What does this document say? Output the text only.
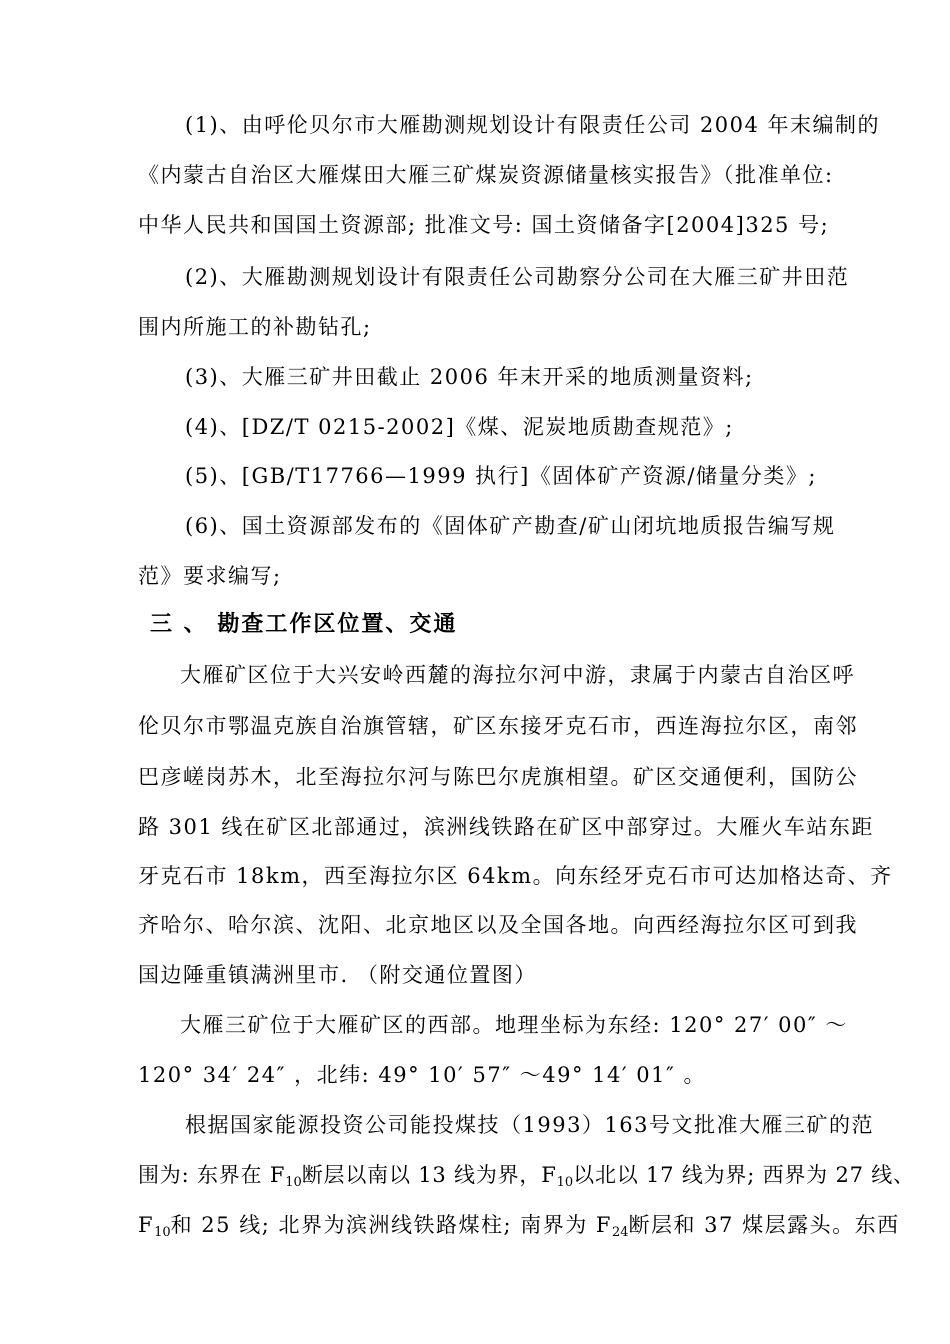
(1)、由呼伦贝尔市大雁勘测规划设计有限责任公司 2004 年末编制的
《内蒙古自治区大雁煤田大雁三矿煤炭资源储量核实报告》（批准单位:
中华人民共和国国土资源部; 批准文号: 国土资储备字[2004]325 号;
(2)、大雁勘测规划设计有限责任公司勘察分公司在大雁三矿井田范
围内所施工的补勘钻孔;
(3)、大雁三矿井田截止 2006 年末开采的地质测量资料;
(4)、[DZ/T 0215-2002]《煤、泥炭地质勘查规范》;
(5)、[GB/T17766—1999 执行]《固体矿产资源/储量分类》;
(6)、国土资源部发布的《固体矿产勘查/矿山闭坑地质报告编写规
范》要求编写;
三 、 勘查工作区位置、交通
大雁矿区位于大兴安岭西麓的海拉尔河中游，隶属于内蒙古自治区呼
伦贝尔市鄂温克族自治旗管辖，矿区东接牙克石市，西连海拉尔区，南邻
巴彦嵯岗苏木，北至海拉尔河与陈巴尔虎旗相望。矿区交通便利，国防公
路 301 线在矿区北部通过，滨洲线铁路在矿区中部穿过。大雁火车站东距
牙克石市 18km，西至海拉尔区 64km。向东经牙克石市可达加格达奇、齐
齐哈尔、哈尔滨、沈阳、北京地区以及全国各地。向西经海拉尔区可到我
国边陲重镇满洲里市. （附交通位置图）
大雁三矿位于大雁矿区的西部。地理坐标为东经: 120° 27′ 00″ ～
120° 34′ 24″ ，北纬: 49° 10′ 57″ ～49° 14′ 01″ 。
根据国家能源投资公司能投煤技（1993）163号文批准大雁三矿的范
围为: 东界在 $F_{10}$断层以南以 13 线为界，$F_{10}$以北以 17 线为界; 西界为 27 线、
$F_{10}$和 25 线; 北界为滨洲线铁路煤柱; 南界为 $F_{24}$断层和 37 煤层露头。东西
